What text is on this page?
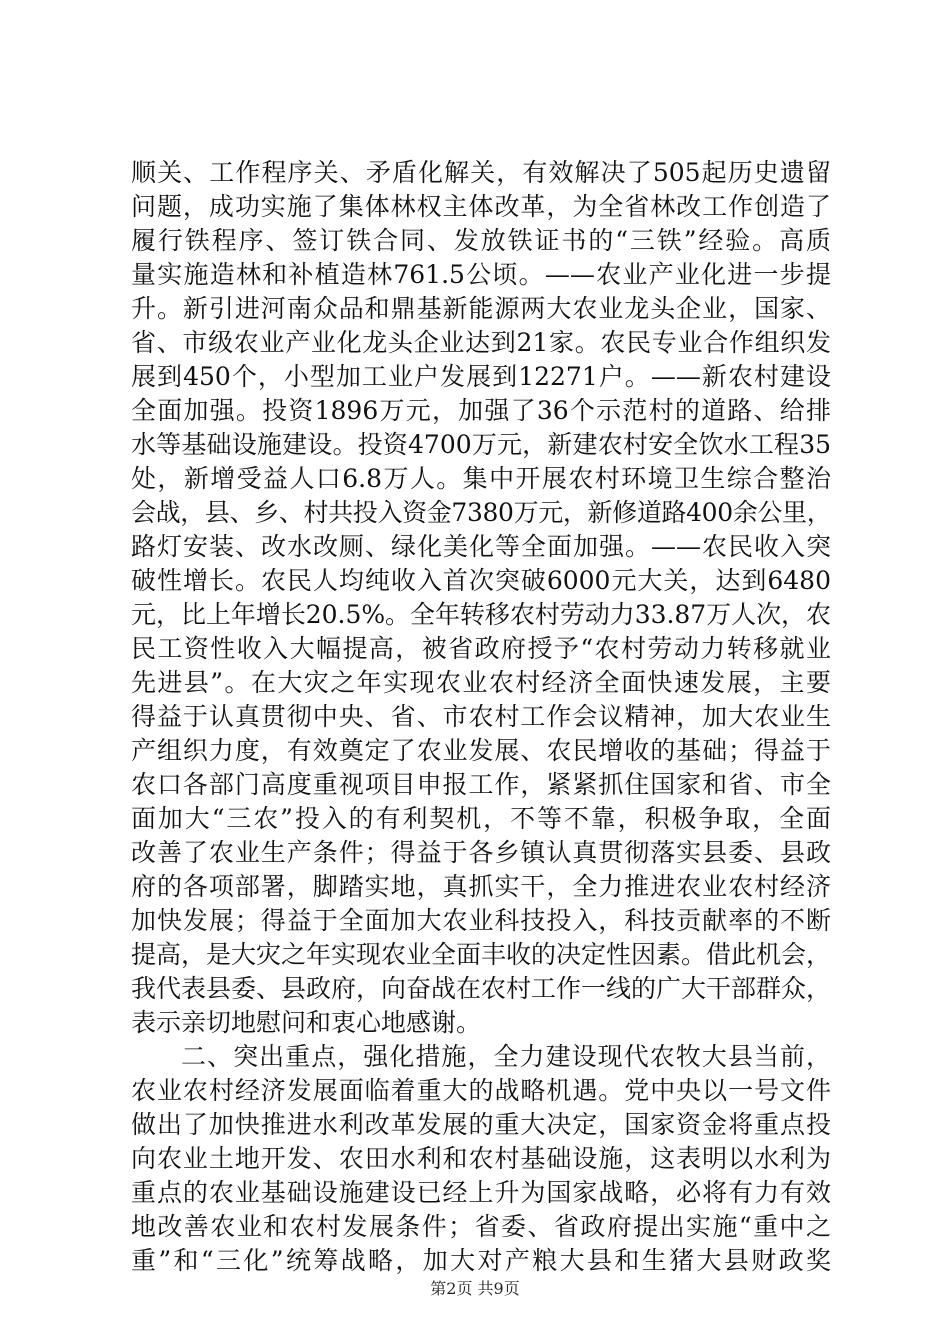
顺关、工作程序关、矛盾化解关，有效解决了505起历史遗留
问题，成功实施了集体林权主体改革，为全省林改工作创造了
履行铁程序、签订铁合同、发放铁证书的“三铁”经验。高质
量实施造林和补植造林761.5公顷。——农业产业化进一步提
升。新引进河南众品和鼎基新能源两大农业龙头企业，国家、
省、市级农业产业化龙头企业达到21家。农民专业合作组织发
展到450个，小型加工业户发展到12271户。——新农村建设
全面加强。投资1896万元，加强了36个示范村的道路、给排
水等基础设施建设。投资4700万元，新建农村安全饮水工程35
处，新增受益人口6.8万人。集中开展农村环境卫生综合整治
会战，县、乡、村共投入资金7380万元，新修道路400余公里，
路灯安装、改水改厕、绿化美化等全面加强。——农民收入突
破性增长。农民人均纯收入首次突破6000元大关，达到6480
元，比上年增长20.5%。全年转移农村劳动力33.87万人次，农
民工资性收入大幅提高，被省政府授予“农村劳动力转移就业
先进县”。在大灾之年实现农业农村经济全面快速发展，主要
得益于认真贯彻中央、省、市农村工作会议精神，加大农业生
产组织力度，有效奠定了农业发展、农民增收的基础；得益于
农口各部门高度重视项目申报工作，紧紧抓住国家和省、市全
面加大“三农”投入的有利契机，不等不靠，积极争取，全面
改善了农业生产条件；得益于各乡镇认真贯彻落实县委、县政
府的各项部署，脚踏实地，真抓实干，全力推进农业农村经济
加快发展；得益于全面加大农业科技投入，科技贡献率的不断
提高，是大灾之年实现农业全面丰收的决定性因素。借此机会，
我代表县委、县政府，向奋战在农村工作一线的广大干部群众，
表示亲切地慰问和衷心地感谢。
二、突出重点，强化措施，全力建设现代农牧大县当前，
农业农村经济发展面临着重大的战略机遇。党中央以一号文件
做出了加快推进水利改革发展的重大决定，国家资金将重点投
向农业土地开发、农田水利和农村基础设施，这表明以水利为
重点的农业基础设施建设已经上升为国家战略，必将有力有效
地改善农业和农村发展条件；省委、省政府提出实施“重中之
重”和“三化”统筹战略，加大对产粮大县和生猪大县财政奖
第2页 共9页
